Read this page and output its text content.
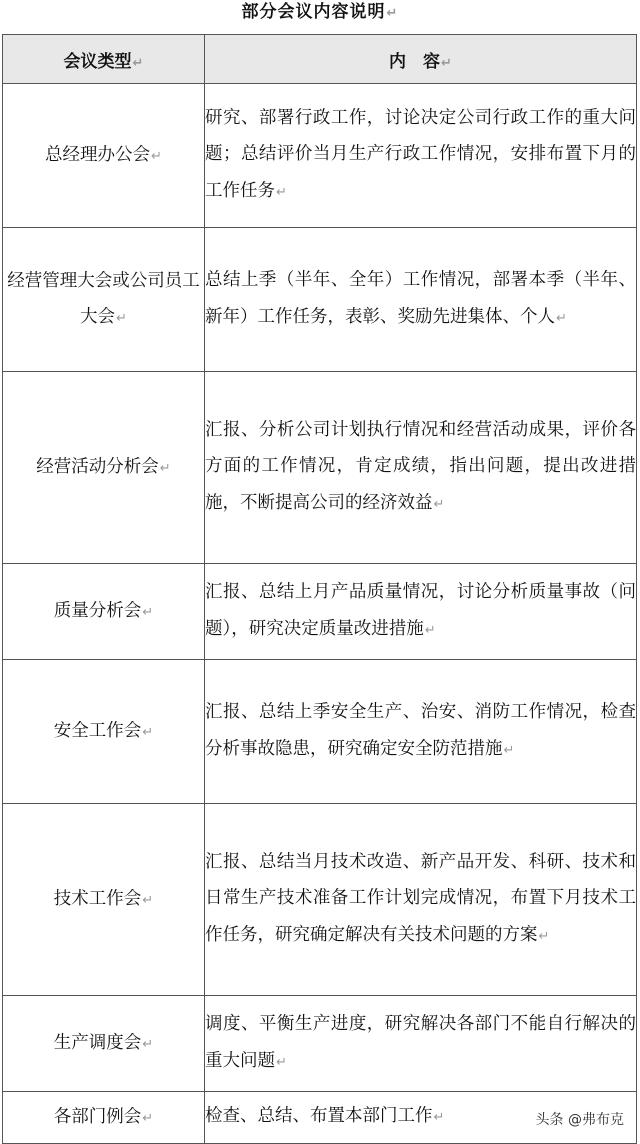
部分会议内容说明↵
会议类型↵	内　容↵
总经理办公会↵	研究、部署行政工作，讨论决定公司行政工作的重大问题；总结评价当月生产行政工作情况，安排布置下月的工作任务↵
经营管理大会或公司员工大会↵	总结上季（半年、全年）工作情况，部署本季（半年、新年）工作任务，表彰、奖励先进集体、个人↵
经营活动分析会↵	汇报、分析公司计划执行情况和经营活动成果，评价各方面的工作情况，肯定成绩，指出问题，提出改进措施，不断提高公司的经济效益↵
质量分析会↵	汇报、总结上月产品质量情况，讨论分析质量事故（问题），研究决定质量改进措施↵
安全工作会↵	汇报、总结上季安全生产、治安、消防工作情况，检查分析事故隐患，研究确定安全防范措施↵
技术工作会↵	汇报、总结当月技术改造、新产品开发、科研、技术和日常生产技术准备工作计划完成情况，布置下月技术工作任务，研究确定解决有关技术问题的方案↵
生产调度会↵	调度、平衡生产进度，研究解决各部门不能自行解决的重大问题↵
各部门例会↵	检查、总结、布置本部门工作↵	头条 @弗布克
